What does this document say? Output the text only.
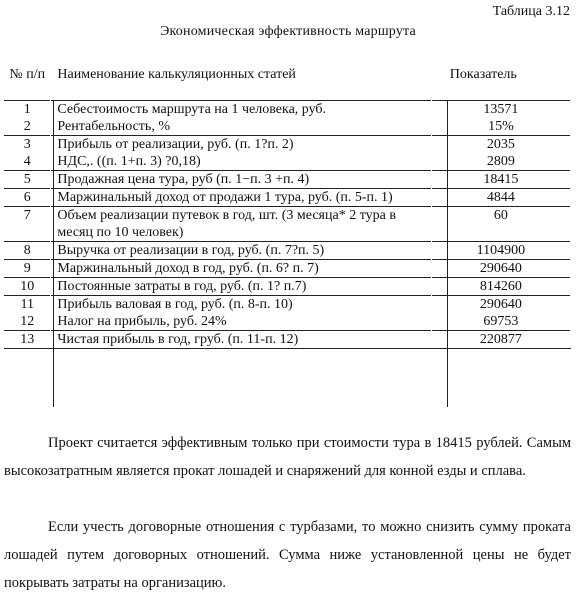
Таблица 3.12
Экономическая эффективность маршрута
№ п/п	Наименование калькуляционных статей	Показатель
1	Себестоимость маршрута на 1 человека, руб.	13571
2	Рентабельность, %	15%
3	Прибыль от реализации, руб. (п. 1?п. 2)	2035
4	НДС,. ((п. 1+п. 3) ?0,18)	2809
5	Продажная цена тура, руб (п. 1−п. 3 +п. 4)	18415
6	Маржинальный доход от продажи 1 тура, руб. (п. 5-п. 1)	4844
7	Объем реализации путевок в год, шт. (3 месяца* 2 тура в месяц по 10 человек)	60
8	Выручка от реализации в год, руб. (п. 7?п. 5)	1104900
9	Маржинальный доход в год, руб. (п. 6? п. 7)	290640
10	Постоянные затраты в год, руб. (п. 1? п.7)	814260
11	Прибыль валовая в год, руб. (п. 8-п. 10)	290640
12	Налог на прибыль, руб. 24%	69753
13	Чистая прибыль в год, груб. (п. 11-п. 12)	220877
Проект считается эффективным только при стоимости тура в 18415 рублей. Самым высокозатратным является прокат лошадей и снаряжений для конной езды и сплава.
Если учесть договорные отношения с турбазами, то можно снизить сумму проката лошадей путем договорных отношений. Сумма ниже установленной цены не будет покрывать затраты на организацию.
